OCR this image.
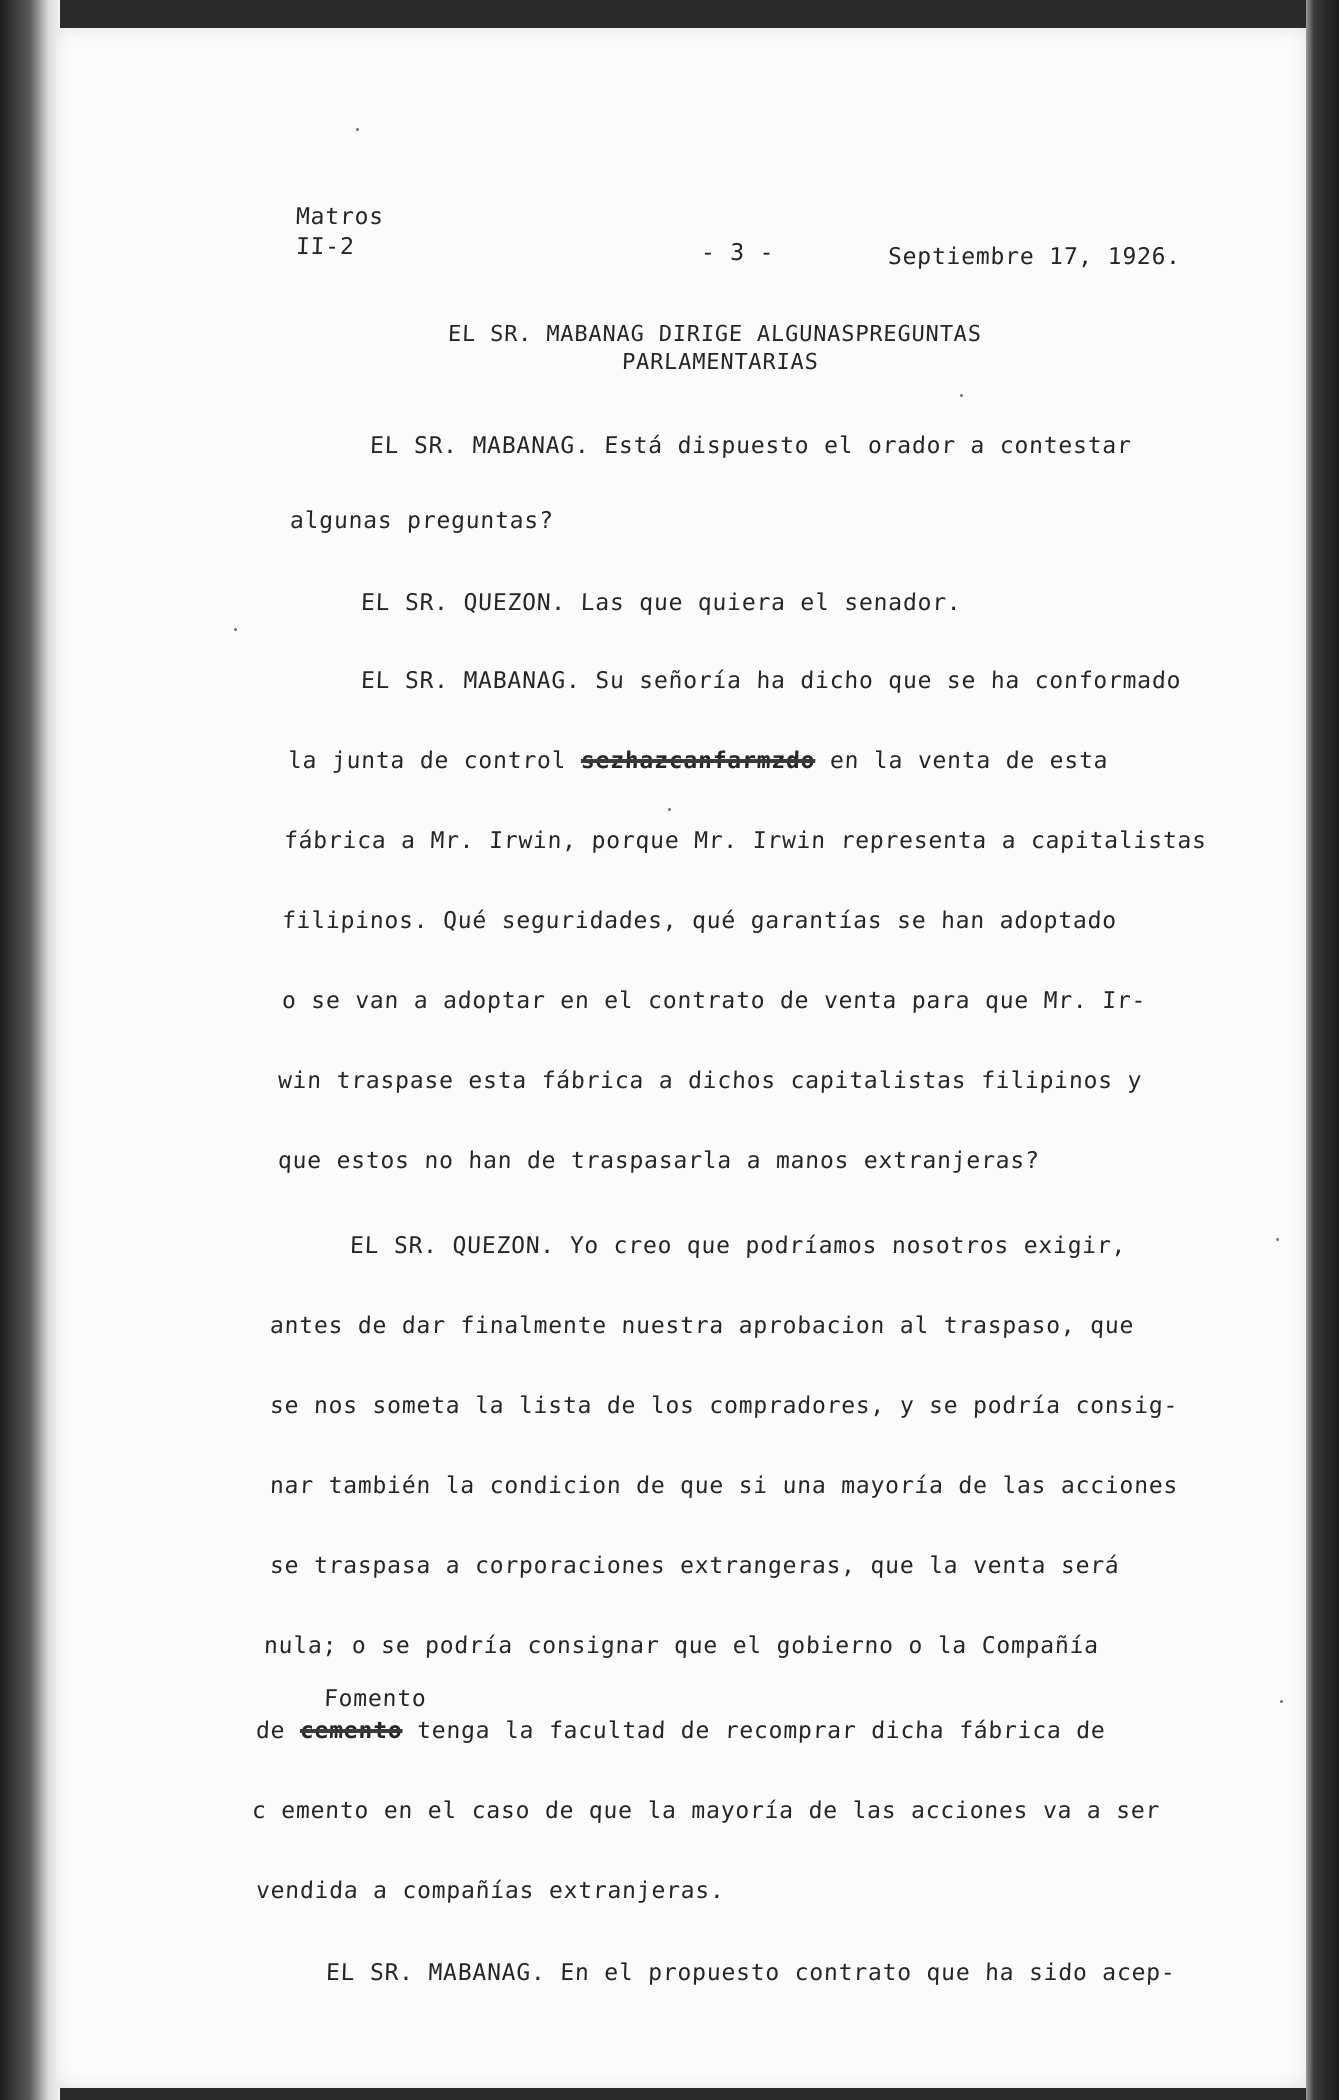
Matros
II-2	- 3 -	Septiembre 17, 1926.
EL SR. MABANAG DIRIGE ALGUNASPREGUNTAS
PARLAMENTARIAS
EL SR. MABANAG. Está dispuesto el orador a contestar
algunas preguntas?
EL SR. QUEZON. Las que quiera el senador.
EL SR. MABANAG. Su señoría ha dicho que se ha conformado
la junta de control sezhazcanfarmzdo en la venta de esta
fábrica a Mr. Irwin, porque Mr. Irwin representa a capitalistas
filipinos. Qué seguridades, qué garantías se han adoptado
o se van a adoptar en el contrato de venta para que Mr. Ir-
win traspase esta fábrica a dichos capitalistas filipinos y
que estos no han de traspasarla a manos extranjeras?
EL SR. QUEZON. Yo creo que podríamos nosotros exigir,
antes de dar finalmente nuestra aprobacion al traspaso, que
se nos someta la lista de los compradores, y se podría consig-
nar también la condicion de que si una mayoría de las acciones
se traspasa a corporaciones extrangeras, que la venta será
nula; o se podría consignar que el gobierno o la Compañía
Fomento
de cemento tenga la facultad de recomprar dicha fábrica de
c emento en el caso de que la mayoría de las acciones va a ser
vendida a compañías extranjeras.
EL SR. MABANAG. En el propuesto contrato que ha sido acep-
